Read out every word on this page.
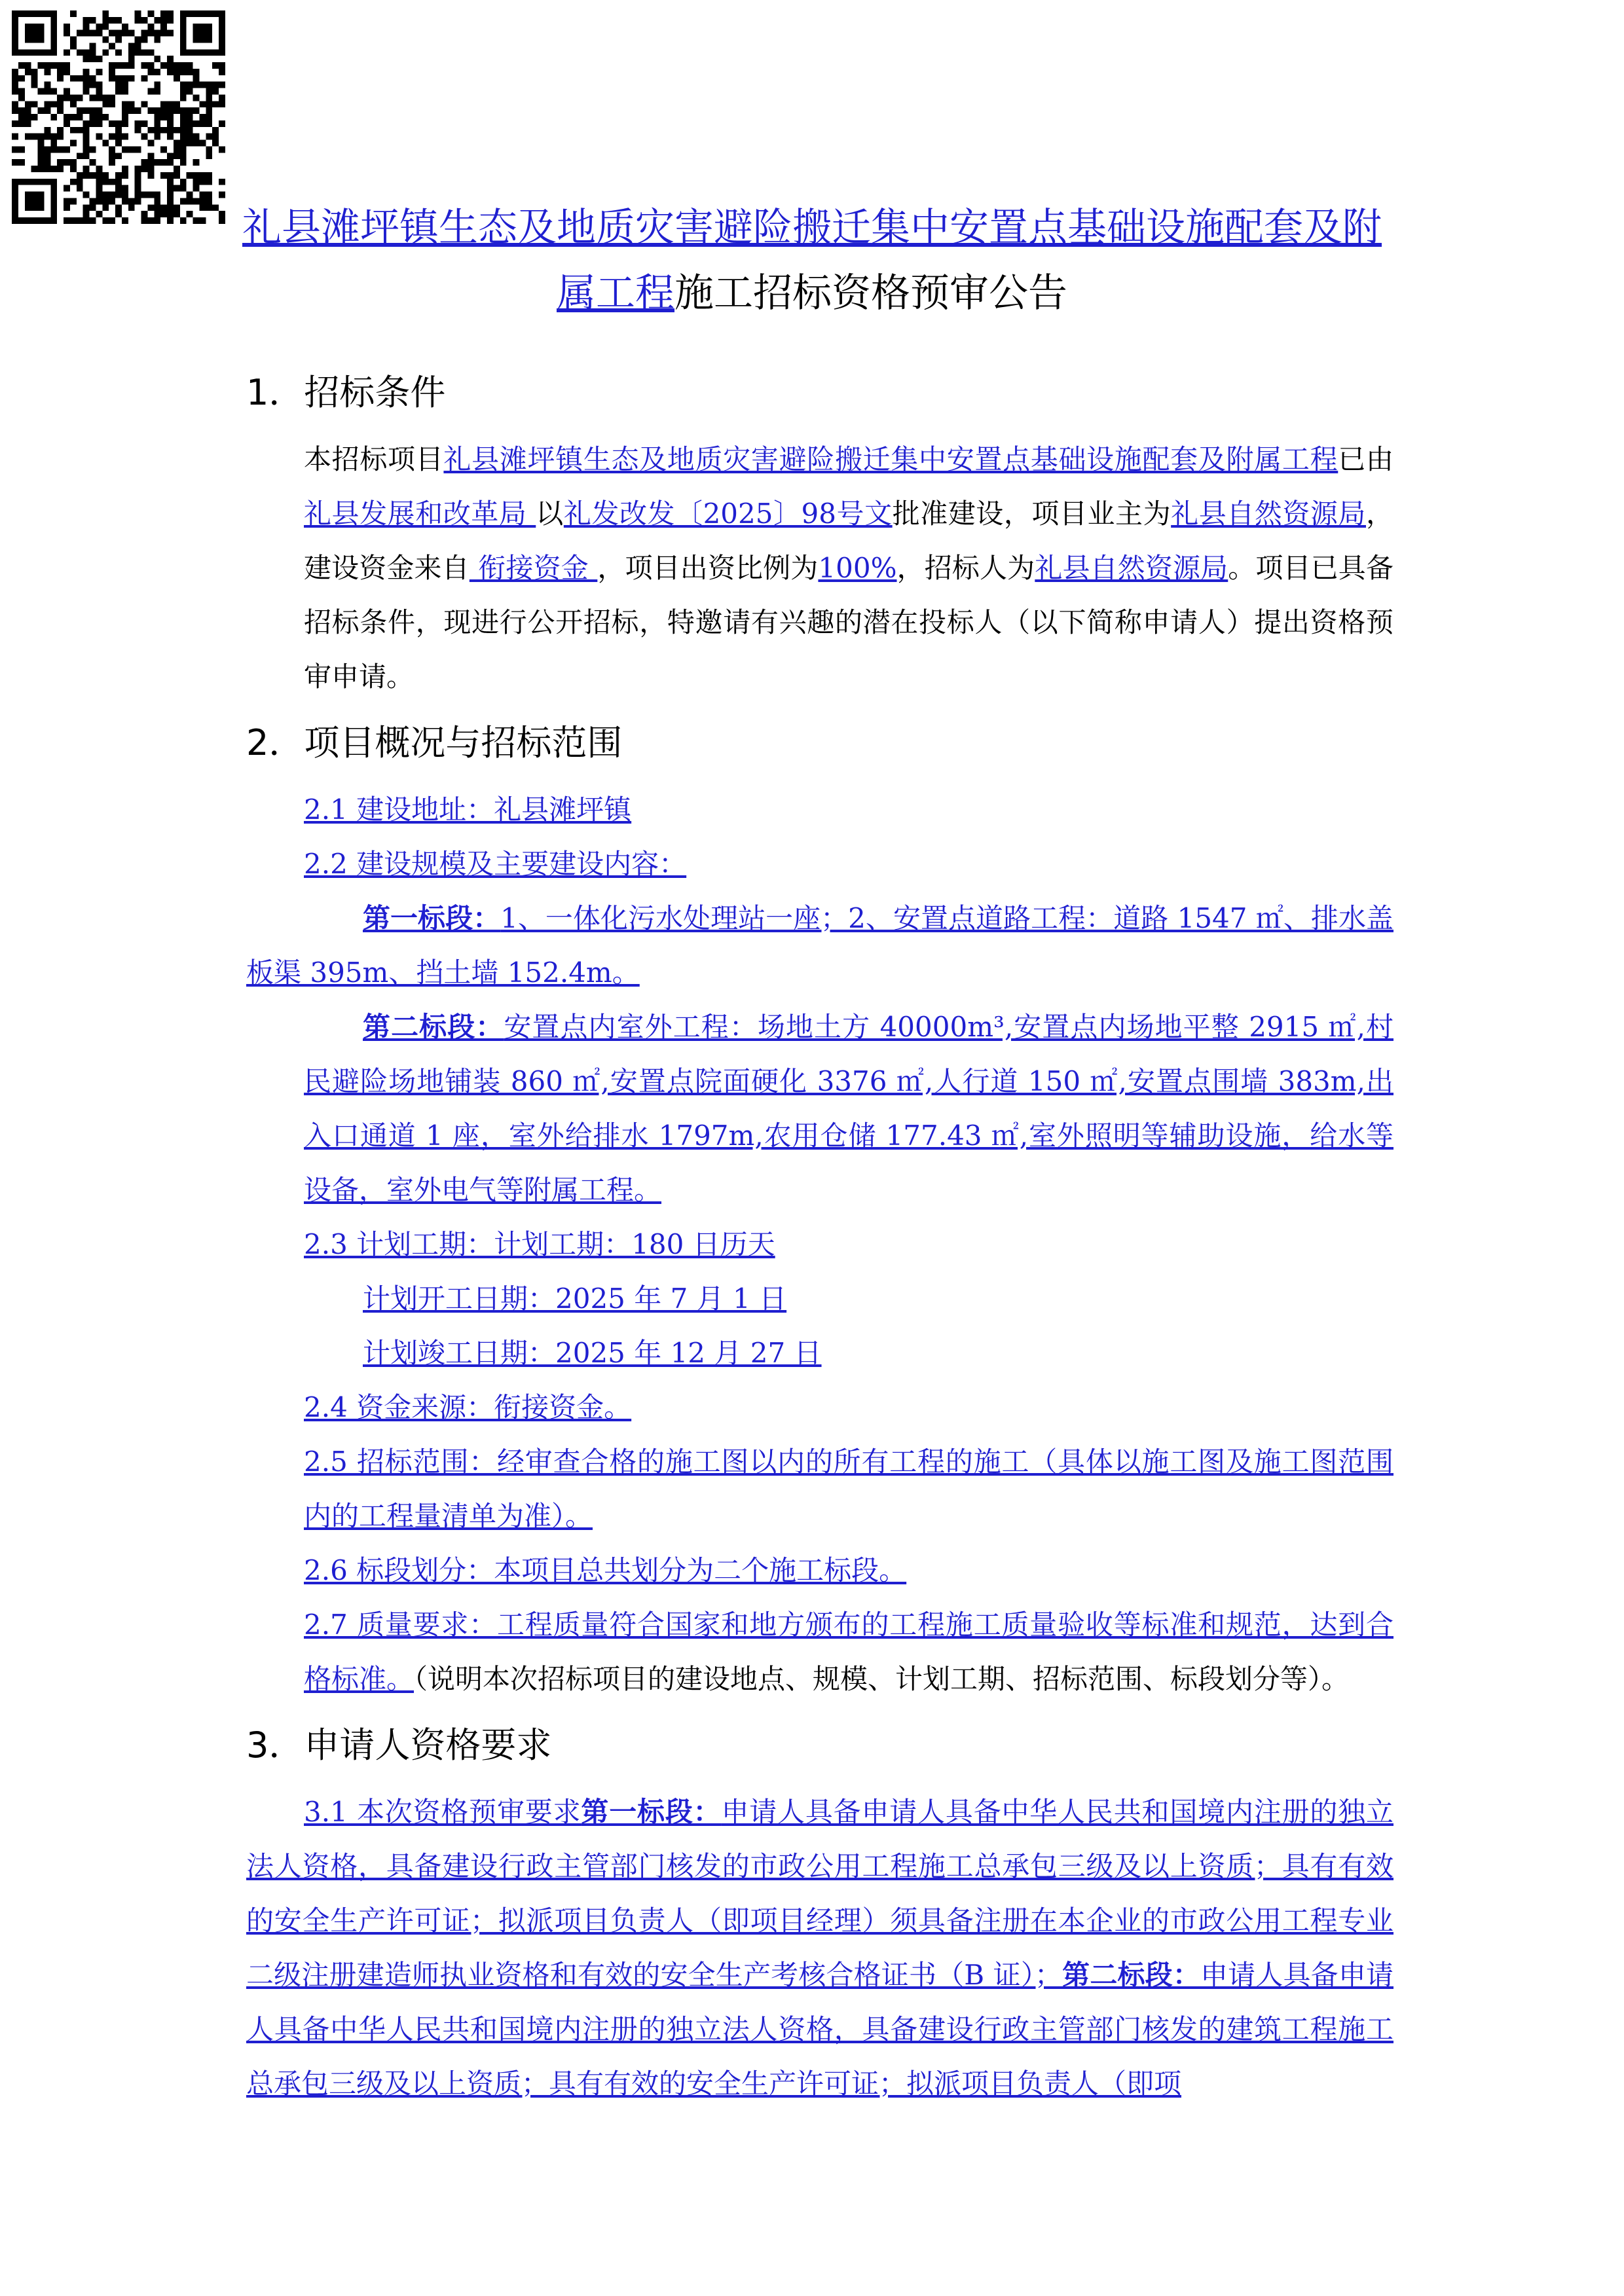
礼县滩坪镇生态及地质灾害避险搬迁集中安置点基础设施配套及附
属工程施工招标资格预审公告
1．招标条件

本招标项目礼县滩坪镇生态及地质灾害避险搬迁集中安置点基础设施配套及附属工程已由 礼县发展和改革局 以礼发改发〔2025〕98号文批准建设，项目业主为礼县自然资源局，建设资金来自 衔接资金 ，项目出资比例为100%，招标人为礼县自然资源局。项目已具备招标条件，现进行公开招标，特邀请有兴趣的潜在投标人（以下简称申请人）提出资格预审申请。

2．项目概况与招标范围

2.1 建设地址：礼县滩坪镇

2.2 建设规模及主要建设内容：

第一标段：1、一体化污水处理站一座；2、安置点道路工程：道路 1547 ㎡、排水盖板渠 395m、挡土墙 152.4m。

第二标段：安置点内室外工程：场地土方 40000m³,安置点内场地平整 2915 ㎡,村民避险场地铺装 860 ㎡,安置点院面硬化 3376 ㎡,人行道 150 ㎡,安置点围墙 383m,出入口通道 1 座，室外给排水 1797m,农用仓储 177.43 ㎡,室外照明等辅助设施，给水等设备，室外电气等附属工程。

2.3 计划工期：计划工期：180 日历天

计划开工日期：2025 年 7 月 1 日

计划竣工日期：2025 年 12 月 27 日

2.4 资金来源：衔接资金。

2.5 招标范围：经审查合格的施工图以内的所有工程的施工（具体以施工图及施工图范围内的工程量清单为准）。

2.6 标段划分：本项目总共划分为二个施工标段。

2.7 质量要求：工程质量符合国家和地方颁布的工程施工质量验收等标准和规范，达到合格标准。（说明本次招标项目的建设地点、规模、计划工期、招标范围、标段划分等）。

3．申请人资格要求

3.1 本次资格预审要求第一标段：申请人具备申请人具备中华人民共和国境内注册的独立法人资格，具备建设行政主管部门核发的市政公用工程施工总承包三级及以上资质；具有有效的安全生产许可证；拟派项目负责人（即项目经理）须具备注册在本企业的市政公用工程专业二级注册建造师执业资格和有效的安全生产考核合格证书（B 证）；第二标段：申请人具备申请人具备中华人民共和国境内注册的独立法人资格，具备建设行政主管部门核发的建筑工程施工总承包三级及以上资质；具有有效的安全生产许可证；拟派项目负责人（即项
